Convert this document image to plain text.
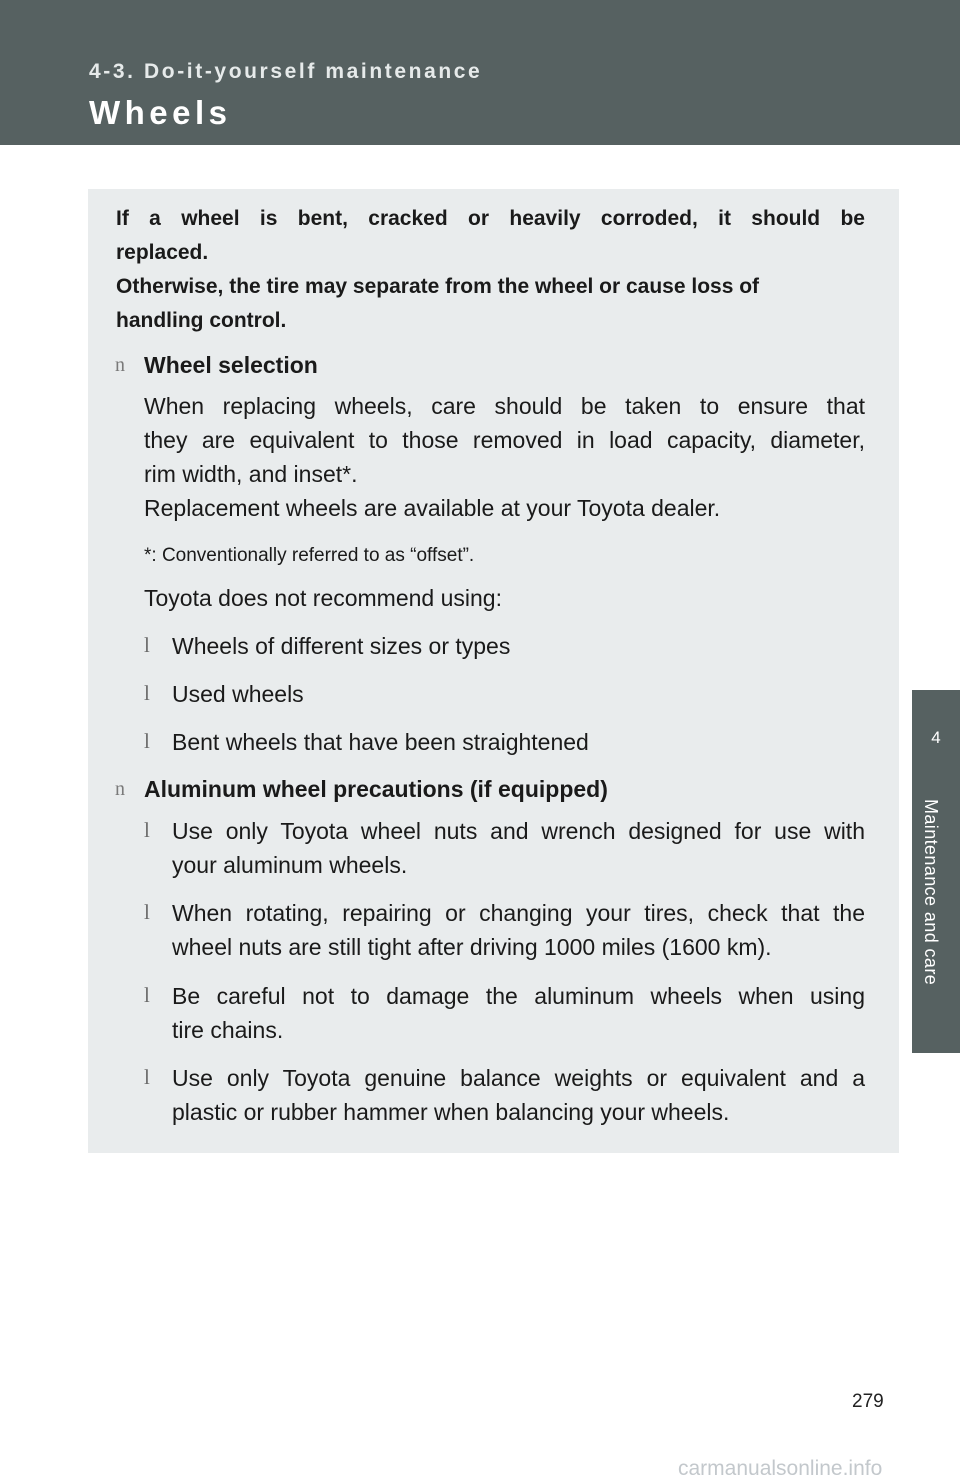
4-3. Do-it-yourself maintenance
Wheels

If a wheel is bent, cracked or heavily corroded, it should be

replaced.

Otherwise, the tire may separate from the wheel or cause loss of

handling control.

n Wheel selection

When replacing wheels, care should be taken to ensure that

they are equivalent to those removed in load capacity, diameter,

rim width, and inset*.

Replacement wheels are available at your Toyota dealer.

*: Conventionally referred to as “offset”.

Toyota does not recommend using:

l Wheels of different sizes or types

l Used wheels

l Bent wheels that have been straightened

n Aluminum wheel precautions (if equipped)
l Use only Toyota wheel nuts and wrench designed for use with

your aluminum wheels.

l When rotating, repairing or changing your tires, check that the

wheel nuts are still tight after driving 1000 miles (1600 km).

l Be careful not to damage the aluminum wheels when using

tire chains.

l Use only Toyota genuine balance weights or equivalent and a

plastic or rubber hammer when balancing your wheels.

4
Maintenance and care
279
carmanualsonline.info
